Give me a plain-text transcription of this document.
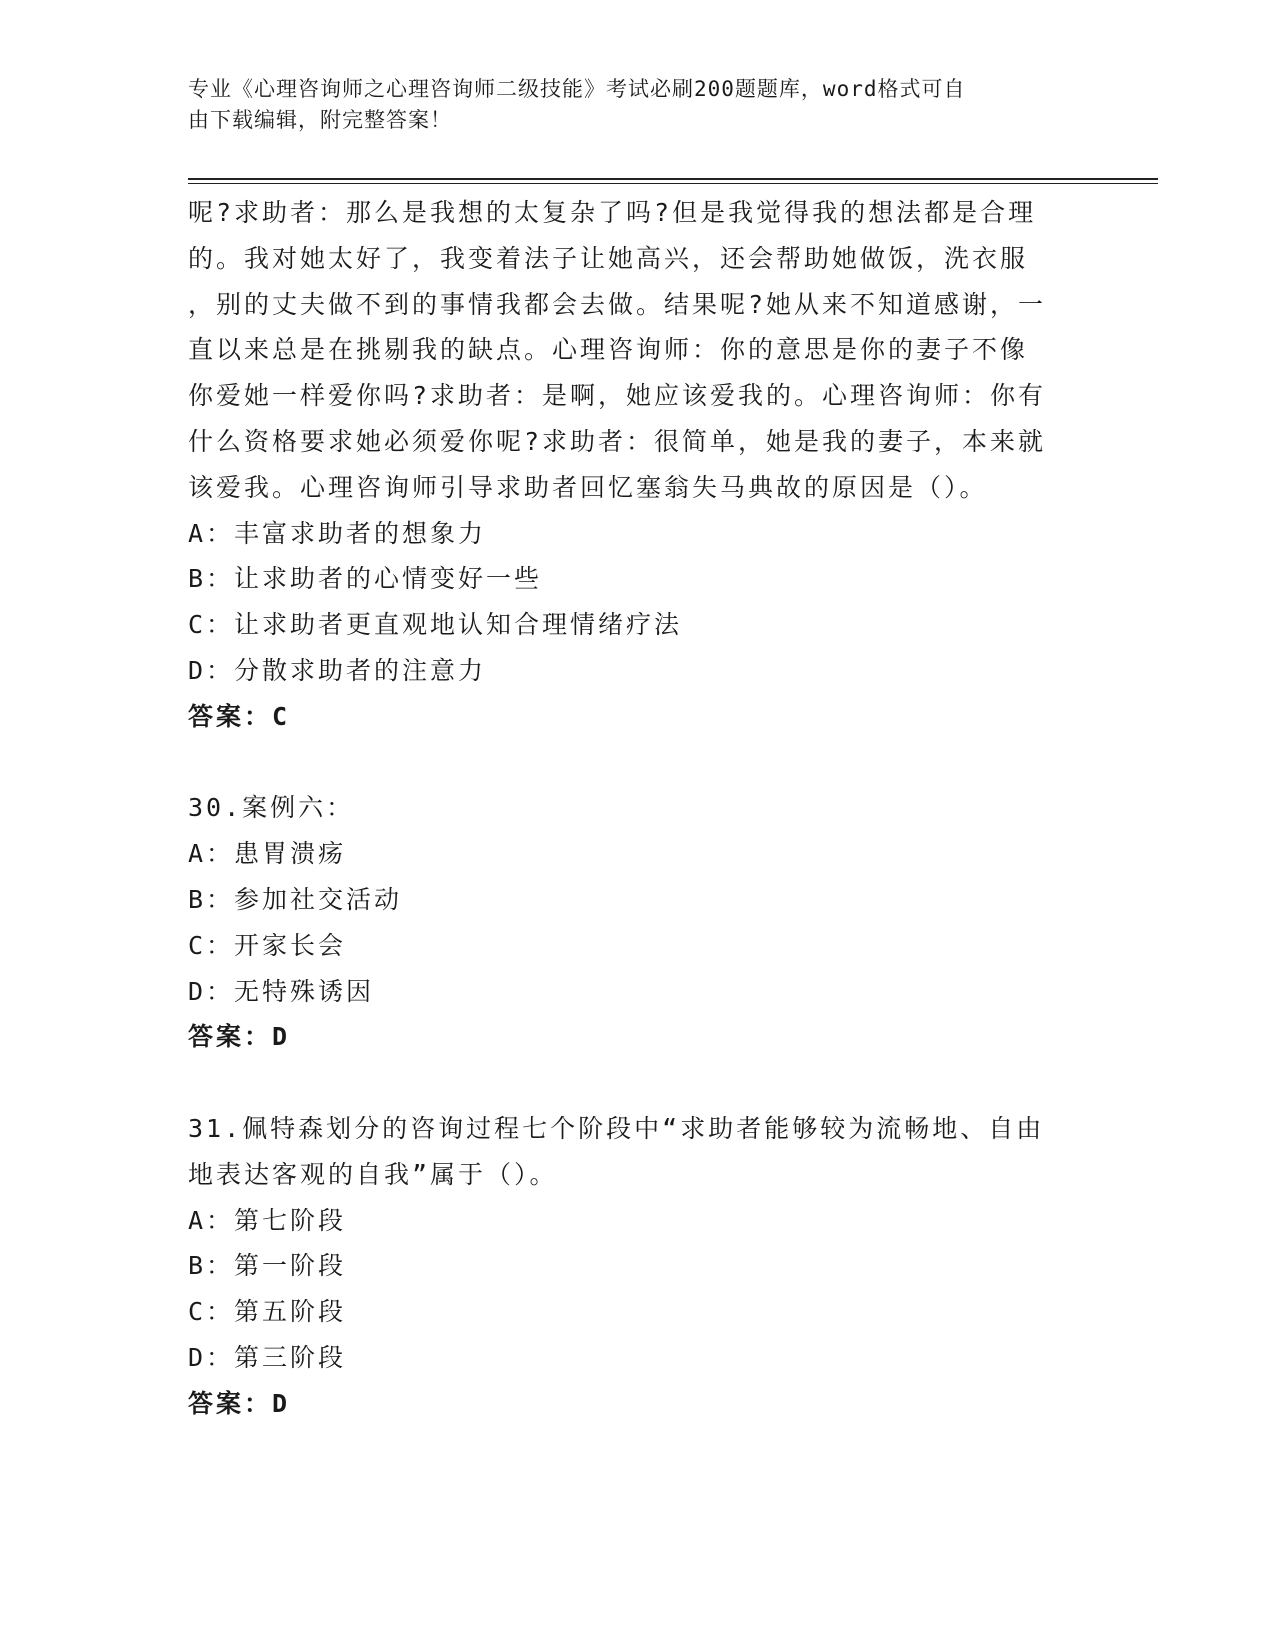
专业《心理咨询师之心理咨询师二级技能》考试必刷200题题库，word格式可自
由下载编辑，附完整答案！
呢?求助者：那么是我想的太复杂了吗?但是我觉得我的想法都是合理
的。我对她太好了，我变着法子让她高兴，还会帮助她做饭，洗衣服
，别的丈夫做不到的事情我都会去做。结果呢?她从来不知道感谢，一
直以来总是在挑剔我的缺点。心理咨询师：你的意思是你的妻子不像
你爱她一样爱你吗?求助者：是啊，她应该爱我的。心理咨询师：你有
什么资格要求她必须爱你呢?求助者：很简单，她是我的妻子，本来就
该爱我。心理咨询师引导求助者回忆塞翁失马典故的原因是（）。
A：丰富求助者的想象力
B：让求助者的心情变好一些
C：让求助者更直观地认知合理情绪疗法
D：分散求助者的注意力
答案：C
30.案例六：
A：患胃溃疡
B：参加社交活动
C：开家长会
D：无特殊诱因
答案：D
31.佩特森划分的咨询过程七个阶段中“求助者能够较为流畅地、自由
地表达客观的自我”属于（）。
A：第七阶段
B：第一阶段
C：第五阶段
D：第三阶段
答案：D
